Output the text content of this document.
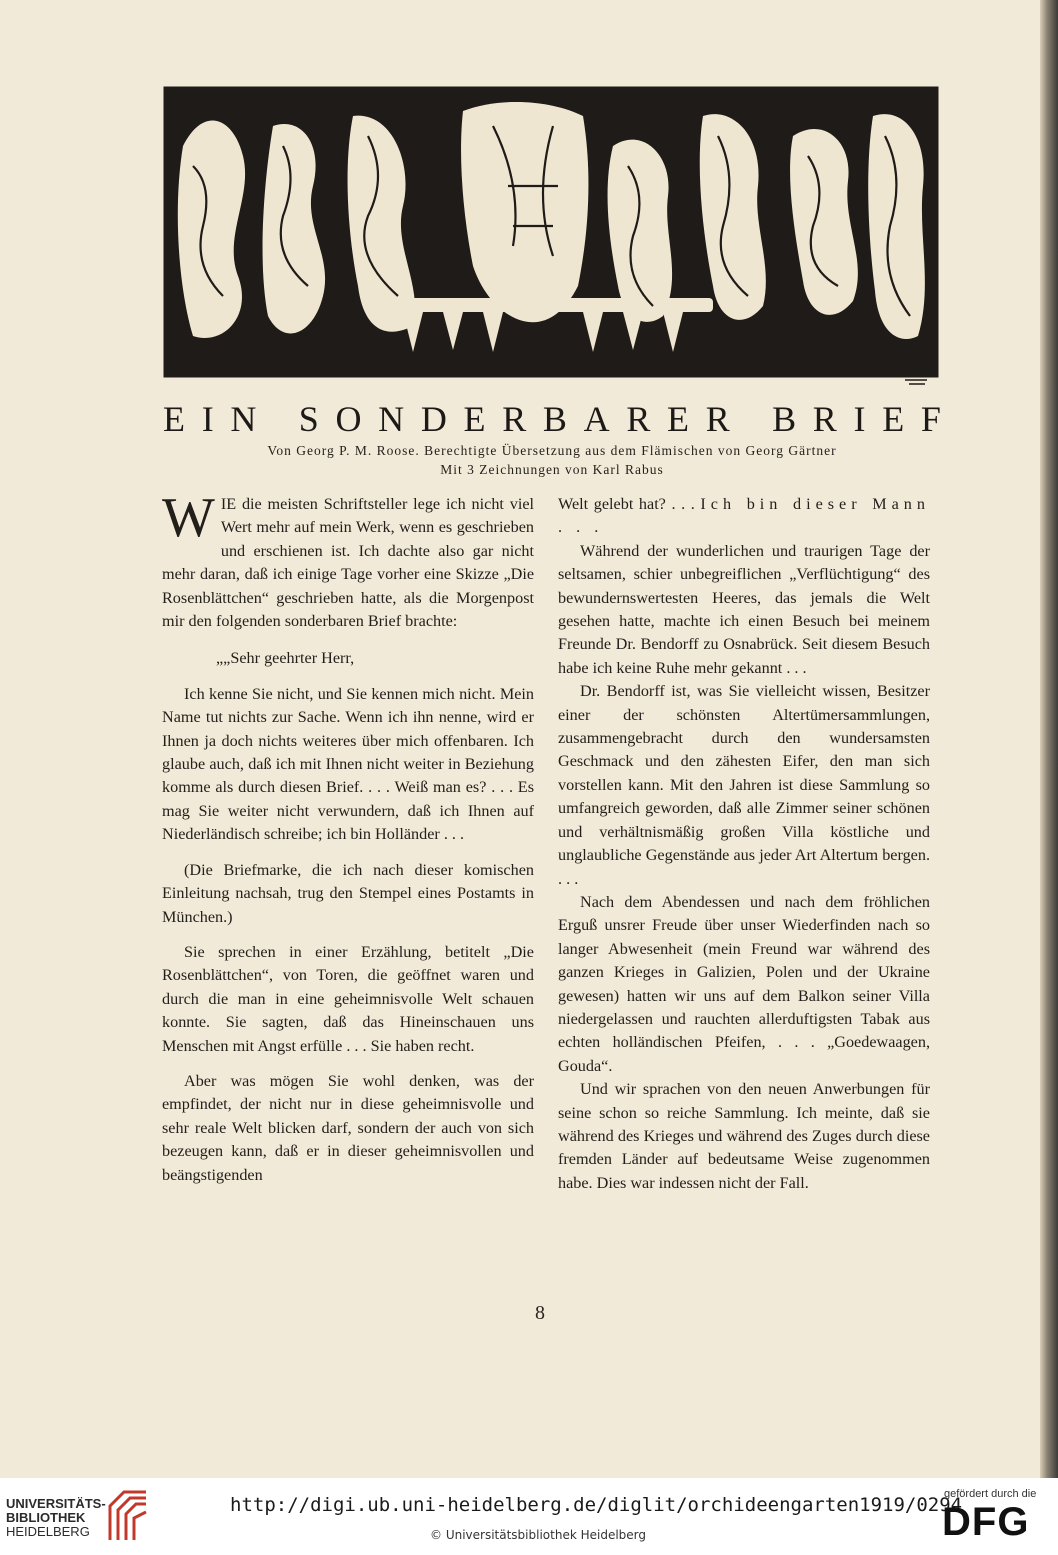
E I N
S O N D E R B A R E R
B R I E F
Von Georg P. M. Roose. Berechtigte Übersetzung aus dem Flämischen von Georg Gärtner
Mit 3 Zeichnungen von Karl Rabus

WIE die meisten Schriftsteller lege ich nicht viel Wert mehr auf mein Werk, wenn es geschrieben und erschienen ist. Ich dachte also gar nicht mehr daran, daß ich einige Tage vorher eine Skizze „Die Rosenblättchen“ geschrieben hatte, als die Morgenpost mir den folgenden sonderbaren Brief brachte:

„„Sehr geehrter Herr,

Ich kenne Sie nicht, und Sie kennen mich nicht. Mein Name tut nichts zur Sache. Wenn ich ihn nenne, wird er Ihnen ja doch nichts weiteres über mich offenbaren. Ich glaube auch, daß ich mit Ihnen nicht weiter in Beziehung komme als durch diesen Brief. . . . Weiß man es? . . . Es mag Sie weiter nicht verwundern, daß ich Ihnen auf Niederländisch schreibe; ich bin Holländer . . .

(Die Briefmarke, die ich nach dieser komischen Einleitung nachsah, trug den Stempel eines Postamts in München.)

Sie sprechen in einer Erzählung, betitelt „Die Rosenblättchen“, von Toren, die geöffnet waren und durch die man in eine geheimnisvolle Welt schauen konnte. Sie sagten, daß das Hineinschauen uns Menschen mit Angst erfülle . . . Sie haben recht.

Aber was mögen Sie wohl denken, was der empfindet, der nicht nur in diese geheimnisvolle und sehr reale Welt blicken darf, sondern der auch von sich bezeugen kann, daß er in dieser geheimnisvollen und beängstigenden

Welt gelebt hat? . . . Ich bin dieser Mann . . .

Während der wunderlichen und traurigen Tage der seltsamen, schier unbegreiflichen „Verflüchtigung“ des bewundernswertesten Heeres, das jemals die Welt gesehen hatte, machte ich einen Besuch bei meinem Freunde Dr. Bendorff zu Osnabrück. Seit diesem Besuch habe ich keine Ruhe mehr gekannt . . .

Dr. Bendorff ist, was Sie vielleicht wissen, Besitzer einer der schönsten Altertümersammlungen, zusammengebracht durch den wundersamsten Geschmack und den zähesten Eifer, den man sich vorstellen kann. Mit den Jahren ist diese Sammlung so umfangreich geworden, daß alle Zimmer seiner schönen und verhältnismäßig großen Villa köstliche und unglaubliche Gegenstände aus jeder Art Altertum bergen. . . .

Nach dem Abendessen und nach dem fröhlichen Erguß unsrer Freude über unser Wiederfinden nach so langer Abwesenheit (mein Freund war während des ganzen Krieges in Galizien, Polen und der Ukraine gewesen) hatten wir uns auf dem Balkon seiner Villa niedergelassen und rauchten allerduftigsten Tabak aus echten holländischen Pfeifen, . . . „Goedewaagen, Gouda“.

Und wir sprachen von den neuen Anwerbungen für seine schon so reiche Sammlung. Ich meinte, daß sie während des Krieges und während des Zuges durch diese fremden Länder auf bedeutsame Weise zugenommen habe. Dies war indessen nicht der Fall.

8
UNIVERSITÄTS-
BIBLIOTHEK
HEIDELBERG
http://digi.ub.uni-heidelberg.de/diglit/orchideengarten1919/0294
© Universitätsbibliothek Heidelberg
gefördert durch die
DFG
